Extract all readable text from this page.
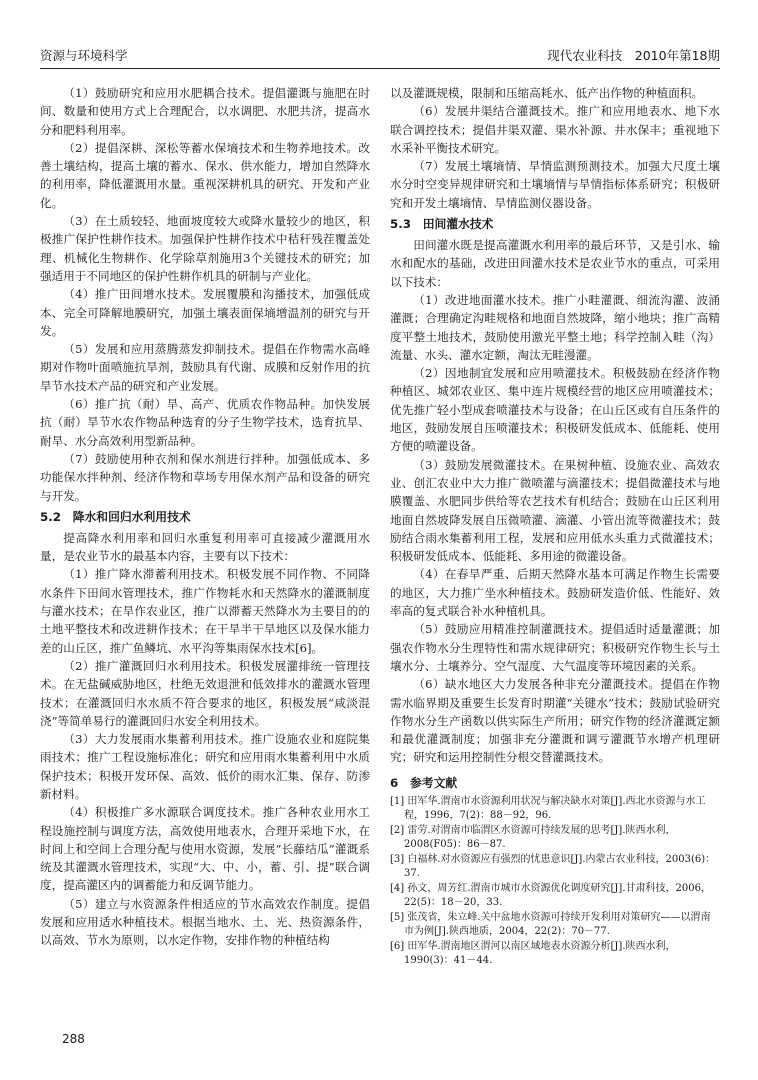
资源与环境科学	现代农业科技　2010年第18期
（1）鼓励研究和应用水肥耦合技术。提倡灌溉与施肥在时间、数量和使用方式上合理配合，以水调肥、水肥共济，提高水分和肥料利用率。
（2）提倡深耕、深松等蓄水保墒技术和生物养地技术。改善土壤结构，提高土壤的蓄水、保水、供水能力，增加自然降水的利用率，降低灌溉用水量。重视深耕机具的研究、开发和产业化。
（3）在土质较轻、地面坡度较大或降水量较少的地区，积极推广保护性耕作技术。加强保护性耕作技术中秸秆残茬覆盖处理、机械化生物耕作、化学除草剂施用3个关键技术的研究；加强适用于不同地区的保护性耕作机具的研制与产业化。
（4）推广田间增水技术。发展覆膜和沟播技术，加强低成本、完全可降解地膜研究，加强土壤表面保墒增温剂的研究与开发。
（5）发展和应用蒸腾蒸发抑制技术。提倡在作物需水高峰期对作物叶面喷施抗旱剂，鼓励具有代谢、成膜和反射作用的抗旱节水技术产品的研究和产业发展。
（6）推广抗（耐）旱、高产、优质农作物品种。加快发展抗（耐）旱节水农作物品种选育的分子生物学技术，选育抗旱、耐旱、水分高效利用型新品种。
（7）鼓励使用种衣剂和保水剂进行拌种。加强低成本、多功能保水拌种剂、经济作物和草场专用保水剂产品和设备的研究与开发。
5.2　降水和回归水利用技术
提高降水利用率和回归水重复利用率可直接减少灌溉用水量，是农业节水的最基本内容，主要有以下技术：
（1）推广降水滞蓄利用技术。积极发展不同作物、不同降水条件下田间水管理技术，推广作物耗水和天然降水的灌溉制度与灌水技术；在旱作农业区，推广以滞蓄天然降水为主要目的的土地平整技术和改进耕作技术；在干旱半干旱地区以及保水能力差的山丘区，推广鱼鳞坑、水平沟等集雨保水技术[6]。
（2）推广灌溉回归水利用技术。积极发展灌排统一管理技术。在无盐碱威胁地区，杜绝无效退泄和低效排水的灌溉水管理技术；在灌溉回归水水质不符合要求的地区，积极发展“咸淡混浇”等简单易行的灌溉回归水安全利用技术。
（3）大力发展雨水集蓄利用技术。推广设施农业和庭院集雨技术；推广工程设施标准化；研究和应用雨水集蓄利用中水质保护技术；积极开发环保、高效、低价的雨水汇集、保存、防渗新材料。
（4）积极推广多水源联合调度技术。推广各种农业用水工程设施控制与调度方法，高效使用地表水，合理开采地下水，在时间上和空间上合理分配与使用水资源，发展“长藤结瓜”灌溉系统及其灌溉水管理技术，实现“大、中、小，蓄、引、提”联合调度，提高灌区内的调蓄能力和反调节能力。
（5）建立与水资源条件相适应的节水高效农作制度。提倡发展和应用适水种植技术。根据当地水、土、光、热资源条件，以高效、节水为原则，以水定作物，安排作物的种植结构
以及灌溉规模，限制和压缩高耗水、低产出作物的种植面积。
（6）发展井渠结合灌溉技术。推广和应用地表水、地下水联合调控技术；提倡井渠双灌、渠水补源、井水保丰；重视地下水采补平衡技术研究。
（7）发展土壤墒情、旱情监测预测技术。加强大尺度土壤水分时空变异规律研究和土壤墒情与旱情指标体系研究；积极研究和开发土壤墒情、旱情监测仪器设备。
5.3　田间灌水技术
田间灌水既是提高灌溉水利用率的最后环节，又是引水、输水和配水的基础，改进田间灌水技术是农业节水的重点，可采用以下技术：
（1）改进地面灌水技术。推广小畦灌溉、细流沟灌、波涌灌溉；合理确定沟畦规格和地面自然坡降，缩小地块；推广高精度平整土地技术，鼓励使用激光平整土地；科学控制入畦（沟）流量、水头、灌水定额，淘汰无畦漫灌。
（2）因地制宜发展和应用喷灌技术。积极鼓励在经济作物种植区、城郊农业区、集中连片规模经营的地区应用喷灌技术；优先推广轻小型成套喷灌技术与设备；在山丘区或有自压条件的地区，鼓励发展自压喷灌技术；积极研发低成本、低能耗、使用方便的喷灌设备。
（3）鼓励发展微灌技术。在果树种植、设施农业、高效农业、创汇农业中大力推广微喷灌与滴灌技术；提倡微灌技术与地膜覆盖、水肥同步供给等农艺技术有机结合；鼓励在山丘区利用地面自然坡降发展自压微喷灌、滴灌、小管出流等微灌技术；鼓励结合雨水集蓄利用工程，发展和应用低水头重力式微灌技术；积极研发低成本、低能耗、多用途的微灌设备。
（4）在春旱严重、后期天然降水基本可满足作物生长需要的地区，大力推广坐水种植技术。鼓励研发造价低、性能好、效率高的复式联合补水种植机具。
（5）鼓励应用精准控制灌溉技术。提倡适时适量灌溉；加强农作物水分生理特性和需水规律研究；积极研究作物生长与土壤水分、土壤养分、空气湿度、大气温度等环境因素的关系。
（6）缺水地区大力发展各种非充分灌溉技术。提倡在作物需水临界期及重要生长发育时期灌“关键水”技术；鼓励试验研究作物水分生产函数以供实际生产所用；研究作物的经济灌溉定额和最优灌溉制度；加强非充分灌溉和调亏灌溉节水增产机理研究；研究和运用控制性分根交替灌溉技术。
6　参考文献
[1] 田军华.渭南市水资源利用状况与解决缺水对策[J].西北水资源与水工程，1996，7(2)：88－92，96.
[2] 雷劳.对渭南市临渭区水资源可持续发展的思考[J].陕西水利，2008(F05)：86－87.
[3] 白福林.对水资源应有强烈的忧患意识[J].内蒙古农业科技，2003(6)：37.
[4] 孙文，周芳红.渭南市城市水资源优化调度研究[J].甘肃科技，2006，22(5)：18－20，33.
[5] 张茂省，朱立峰.关中盆地水资源可持续开发利用对策研究——以渭南市为例[J].陕西地质，2004，22(2)：70－77.
[6] 田军华.渭南地区渭河以南区域地表水资源分析[J].陕西水利，1990(3)：41－44.
288
